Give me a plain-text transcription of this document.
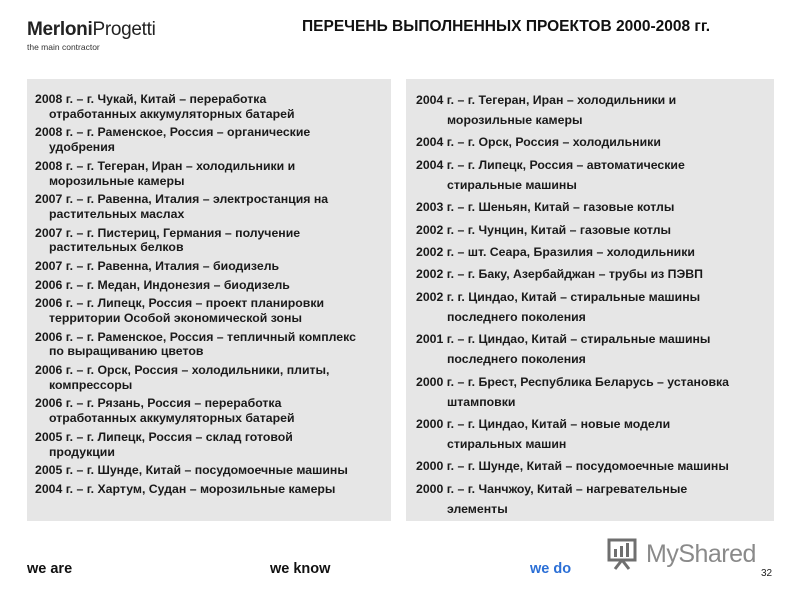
MerloniProgetti
the main contractor
ПЕРЕЧЕНЬ ВЫПОЛНЕННЫХ ПРОЕКТОВ 2000-2008 гг.
2008 г. – г. Чукай, Китай – переработка
отработанных аккумуляторных батарей
2008 г. – г. Раменское, Россия – органические
удобрения
2008 г. – г. Тегеран, Иран – холодильники и
морозильные камеры
2007 г. – г. Равенна, Италия – электростанция на
растительных маслах
2007 г. – г. Пистериц, Германия – получение
растительных белков
2007 г. – г. Равенна, Италия – биодизель
2006 г. – г. Медан, Индонезия – биодизель
2006 г. – г. Липецк, Россия – проект планировки
территории Особой экономической зоны
2006 г. – г. Раменское, Россия – тепличный комплекс
по выращиванию цветов
2006 г. – г. Орск, Россия – холодильники, плиты,
компрессоры
2006 г. – г. Рязань, Россия – переработка
отработанных аккумуляторных батарей
2005 г. – г. Липецк, Россия – склад готовой
продукции
2005 г. – г. Шунде, Китай – посудомоечные машины
2004 г. – г. Хартум, Судан – морозильные камеры
2004 г. – г. Тегеран, Иран – холодильники и
морозильные камеры
2004 г. – г. Орск, Россия – холодильники
2004 г. – г. Липецк, Россия – автоматические
стиральные машины
2003 г. – г. Шеньян, Китай – газовые котлы
2002 г. – г. Чунцин, Китай – газовые котлы
2002 г. – шт. Сеара, Бразилия – холодильники
2002 г. – г. Баку, Азербайджан – трубы из ПЭВП
2002 г. г. Циндао, Китай – стиральные машины
последнего поколения
2001 г. – г. Циндао, Китай – стиральные машины
последнего поколения
2000 г. – г. Брест, Республика Беларусь – установка
штамповки
2000 г. – г. Циндао, Китай – новые модели
стиральных машин
2000 г. – г. Шунде, Китай – посудомоечные машины
2000 г. – г. Чанчжоу, Китай – нагревательные
элементы
we are	we know	we do
MyShared
32
